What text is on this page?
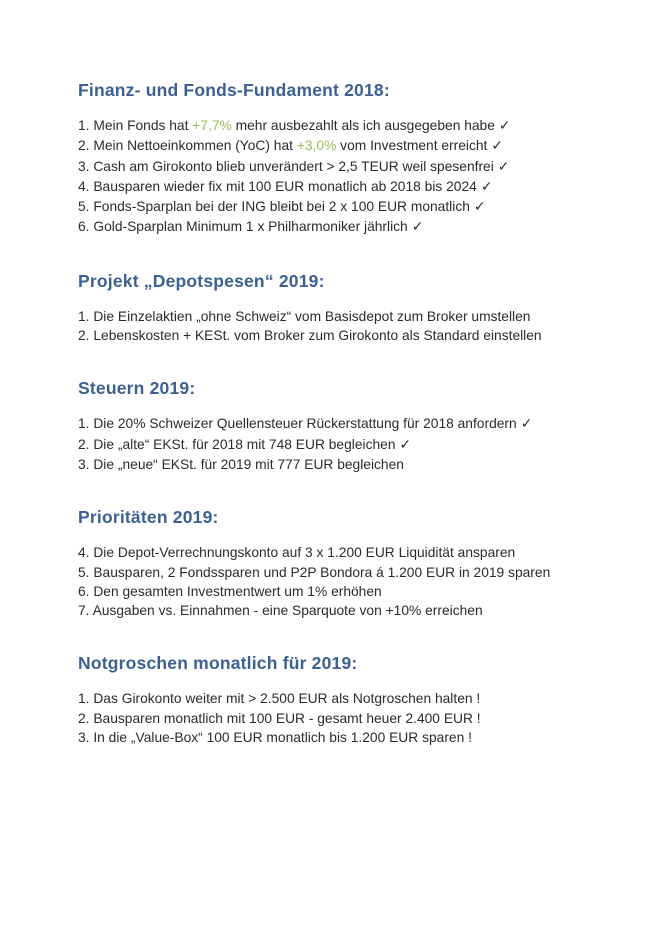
Finanz- und Fonds-Fundament 2018:
1. Mein Fonds hat +7,7% mehr ausbezahlt als ich ausgegeben habe ✓
2. Mein Nettoeinkommen (YoC) hat +3,0% vom Investment erreicht ✓
3. Cash am Girokonto blieb unverändert > 2,5 TEUR weil spesenfrei ✓
4. Bausparen wieder fix mit 100 EUR monatlich ab 2018 bis 2024 ✓
5. Fonds-Sparplan bei der ING bleibt bei 2 x 100 EUR monatlich ✓
6. Gold-Sparplan Minimum 1 x Philharmoniker jährlich ✓
Projekt „Depotspesen“ 2019:
1. Die Einzelaktien „ohne Schweiz“ vom Basisdepot zum Broker umstellen
2. Lebenskosten + KESt. vom Broker zum Girokonto als Standard einstellen
Steuern 2019:
1. Die 20% Schweizer Quellensteuer Rückerstattung für 2018 anfordern ✓
2. Die „alte“ EKSt. für 2018 mit 748 EUR begleichen ✓
3. Die „neue“ EKSt. für 2019 mit 777 EUR begleichen
Prioritäten 2019:
4. Die Depot-Verrechnungskonto auf 3 x 1.200 EUR Liquidität ansparen
5. Bausparen, 2 Fondssparen und P2P Bondora á 1.200 EUR in 2019 sparen
6. Den gesamten Investmentwert um 1% erhöhen
7. Ausgaben vs. Einnahmen - eine Sparquote von +10% erreichen
Notgroschen monatlich für 2019:
1. Das Girokonto weiter mit > 2.500 EUR als Notgroschen halten !
2. Bausparen monatlich mit 100 EUR - gesamt heuer 2.400 EUR !
3. In die „Value-Box“ 100 EUR monatlich bis 1.200 EUR sparen !
